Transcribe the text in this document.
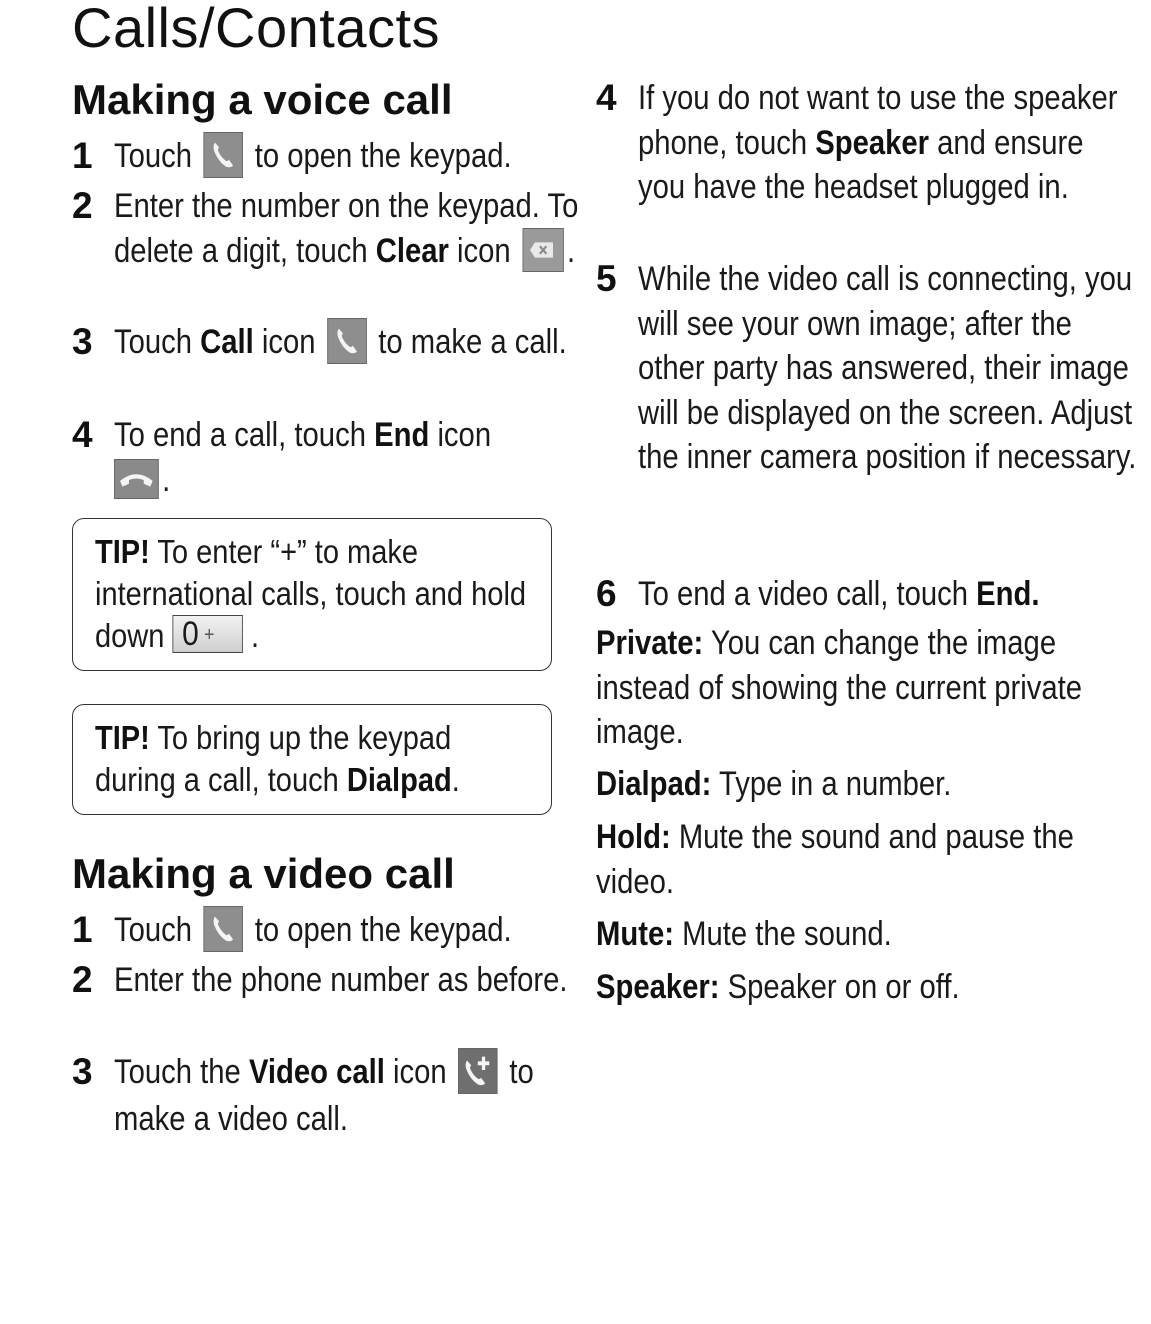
Calls/Contacts
Making a voice call
1 Touch to open the keypad.
2 Enter the number on the keypad. To delete a digit, touch Clear icon .
3 Touch Call icon to make a call.
4 To end a call, touch End icon

.
TIP! To enter “+” to make international calls, touch and hold down 0 + .
TIP! To bring up the keypad during a call, touch Dialpad.
Making a video call
1 Touch to open the keypad.
2 Enter the phone number as before.
3 Touch the Video call icon to make a video call.
4 If you do not want to use the speaker phone, touch Speaker and ensure you have the headset plugged in.
5 While the video call is connecting, you will see your own image; after the other party has answered, their image will be displayed on the screen. Adjust the inner camera position if necessary.
6 To end a video call, touch End.
Private: You can change the image instead of showing the current private image.
Dialpad: Type in a number.
Hold: Mute the sound and pause the video.
Mute: Mute the sound.
Speaker: Speaker on or off.
